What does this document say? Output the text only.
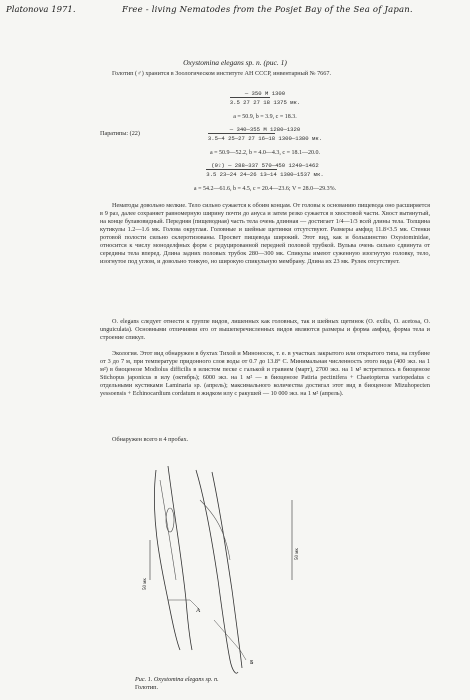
Platonova 1971.	Free - living Nematodes from the Posjet Bay of the Sea of Japan.
Oxystomina elegans sp. n. (рис. 1)
Голотип (♂) хранится в Зоологическом институте АН СССР, инвентарный № 7667.
— 350 M 1300
3.5 27 27 18 1375 мк.
a = 50.9, b = 3.9, c = 18.3.
Паратипы: (22)
— 340—355 M 1280—1320
3.5—4 25—27 27 16—18 1300—1380 мк.
a = 50.9—52.2, b = 4.0—4.3, c = 18.1—20.0.
(9♀) — 288—337 570—450 1240—1462
3.5 23—24 24—26 13—14 1300—1537 мк.
a = 54.2—61.6, b = 4.5, c = 20.4—23.6; V = 28.0—29.3%.
Нематоды довольно мелкие. Тело сильно сужается к обоим концам. От головы к основанию пищевода оно расширяется в 9 раз, далее сохраняет равномерную ширину почти до ануса и затем резко сужается в хвостовой части. Хвост вытянутый, на конце булавовидный. Передняя (пищеводная) часть тела очень длинная — достигает 1/4—1/3 всей длины тела. Толщина кутикулы 1.2—1.6 мк. Голова округлая. Головные и шейные щетинки отсутствуют. Размеры амфид 11.8×3.5 мк. Стенки ротовой полости сильно склеротизованы. Просвет пищевода широкий. Этот вид, как и большинство Oxystominidae, относится к числу моноделфных форм с редуцированной передней половой трубкой. Вульва очень сильно сдвинута от середины тела вперед. Длина задних половых трубок 280—300 мк. Спикулы имеют суженную изогнутую головку, тело, изогнутое под углом, и довольно тонкую, но широкую спикульную мембрану. Длина их 23 мк. Рулек отсутствует.
O. elegans следует отнести к группе видов, лишенных как головных, так и шейных щетинок (O. exilis, O. acetosa, O. unguiculata). Основными отличиями его от вышеперечисленных видов являются размеры и форма амфид, форма тела и строение спикул.
Экология. Этот вид обнаружен в бухтах Тихой и Миноносок, т. е. в участках закрытого или открытого типа, на глубине от 3 до 7 м, при температуре придонного слоя воды от 0.7 до 13.8° С. Минимальная численность этого вида (400 экз. на 1 м²) в биоценозе Modiolus difficilis в илистом песке с галькой и гравием (март), 2700 экз. на 1 м² встретилось в биоценозе Stichopus japonicus в илу (октябрь); 6000 экз. на 1 м² — в биоценозе Patiria pectinifera + Chaetopterus variopedatus с отдельными кустиками Laminaria sp. (апрель); максимального количества достигал этот вид в биоценозе Mizuhopecten yessoensis + Echinocardium cordatum в жидком илу с ракушей — 10 000 экз. на 1 м² (апрель).
Обнаружен всего в 4 пробах.
А
50 мк
Б
50 мк
Рис. 1. Oxystomina elegans sp. n.
Голотип.
